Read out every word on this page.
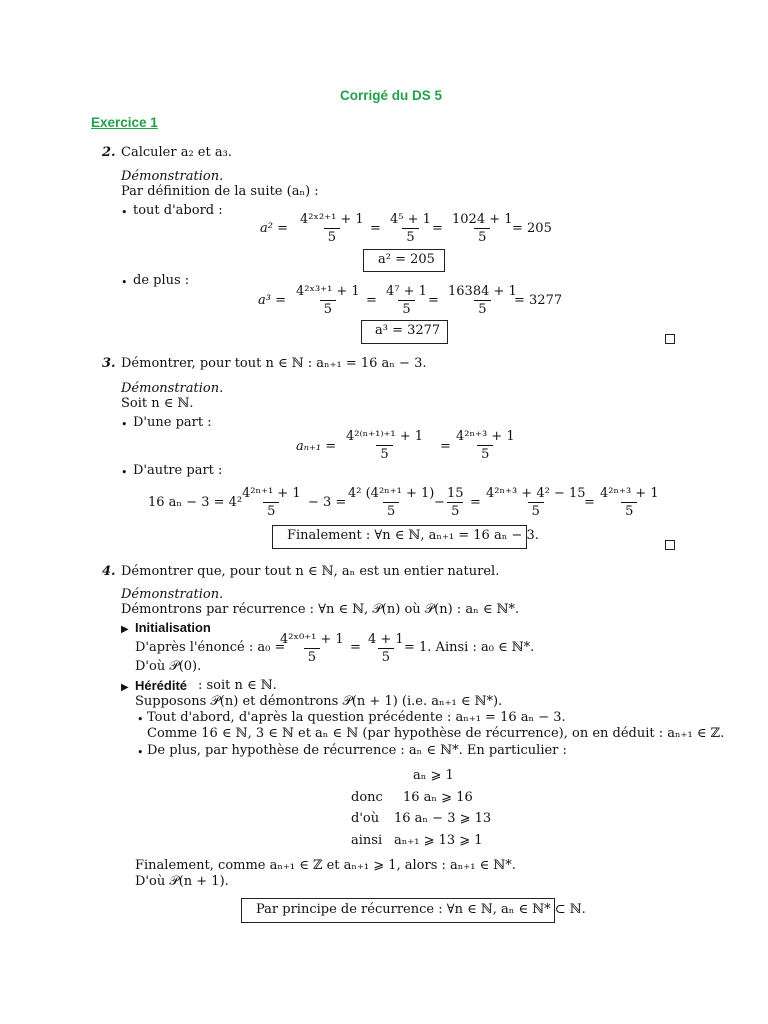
Corrigé du DS 5
Exercice 1
2. Calculer a₂ et a₃.
Démonstration.
Par définition de la suite (aₙ) :
• tout d'abord :
a² =
4²ˣ²⁺¹ + 1
5
=
4⁵ + 1
5
=
1024 + 1
5
= 205
a² = 205
• de plus :
a³ =
4²ˣ³⁺¹ + 1
5
=
4⁷ + 1
5
=
16384 + 1
5
= 3277
a³ = 3277
3. Démontrer, pour tout n ∈ ℕ : aₙ₊₁ = 16 aₙ − 3.
Démonstration.
Soit n ∈ ℕ.
• D'une part :
aₙ₊₁ =
4²⁽ⁿ⁺¹⁾⁺¹ + 1
5
=
4²ⁿ⁺³ + 1
5
• D'autre part :
16 aₙ − 3 = 4²
4²ⁿ⁺¹ + 1
5
− 3 =
4² (4²ⁿ⁺¹ + 1)
5
−
15
5
=
4²ⁿ⁺³ + 4² − 15
5
=
4²ⁿ⁺³ + 1
5
Finalement : ∀n ∈ ℕ, aₙ₊₁ = 16 aₙ − 3.
4. Démontrer que, pour tout n ∈ ℕ, aₙ est un entier naturel.
Démonstration.
Démontrons par récurrence : ∀n ∈ ℕ, 𝒫(n) où 𝒫(n) : aₙ ∈ ℕ*.
▶ Initialisation
D'après l'énoncé : a₀ =
4²ˣ⁰⁺¹ + 1
5
=
4 + 1
5
= 1. Ainsi : a₀ ∈ ℕ*.
D'où 𝒫(0).
▶ Hérédité : soit n ∈ ℕ.
Supposons 𝒫(n) et démontrons 𝒫(n + 1) (i.e. aₙ₊₁ ∈ ℕ*).
• Tout d'abord, d'après la question précédente : aₙ₊₁ = 16 aₙ − 3.
Comme 16 ∈ ℕ, 3 ∈ ℕ et aₙ ∈ ℕ (par hypothèse de récurrence), on en déduit : aₙ₊₁ ∈ ℤ.
• De plus, par hypothèse de récurrence : aₙ ∈ ℕ*. En particulier :
aₙ ⩾ 1
donc 16 aₙ ⩾ 16
d'où 16 aₙ − 3 ⩾ 13
ainsi aₙ₊₁ ⩾ 13 ⩾ 1
Finalement, comme aₙ₊₁ ∈ ℤ et aₙ₊₁ ⩾ 1, alors : aₙ₊₁ ∈ ℕ*.
D'où 𝒫(n + 1).
Par principe de récurrence : ∀n ∈ ℕ, aₙ ∈ ℕ* ⊂ ℕ.
